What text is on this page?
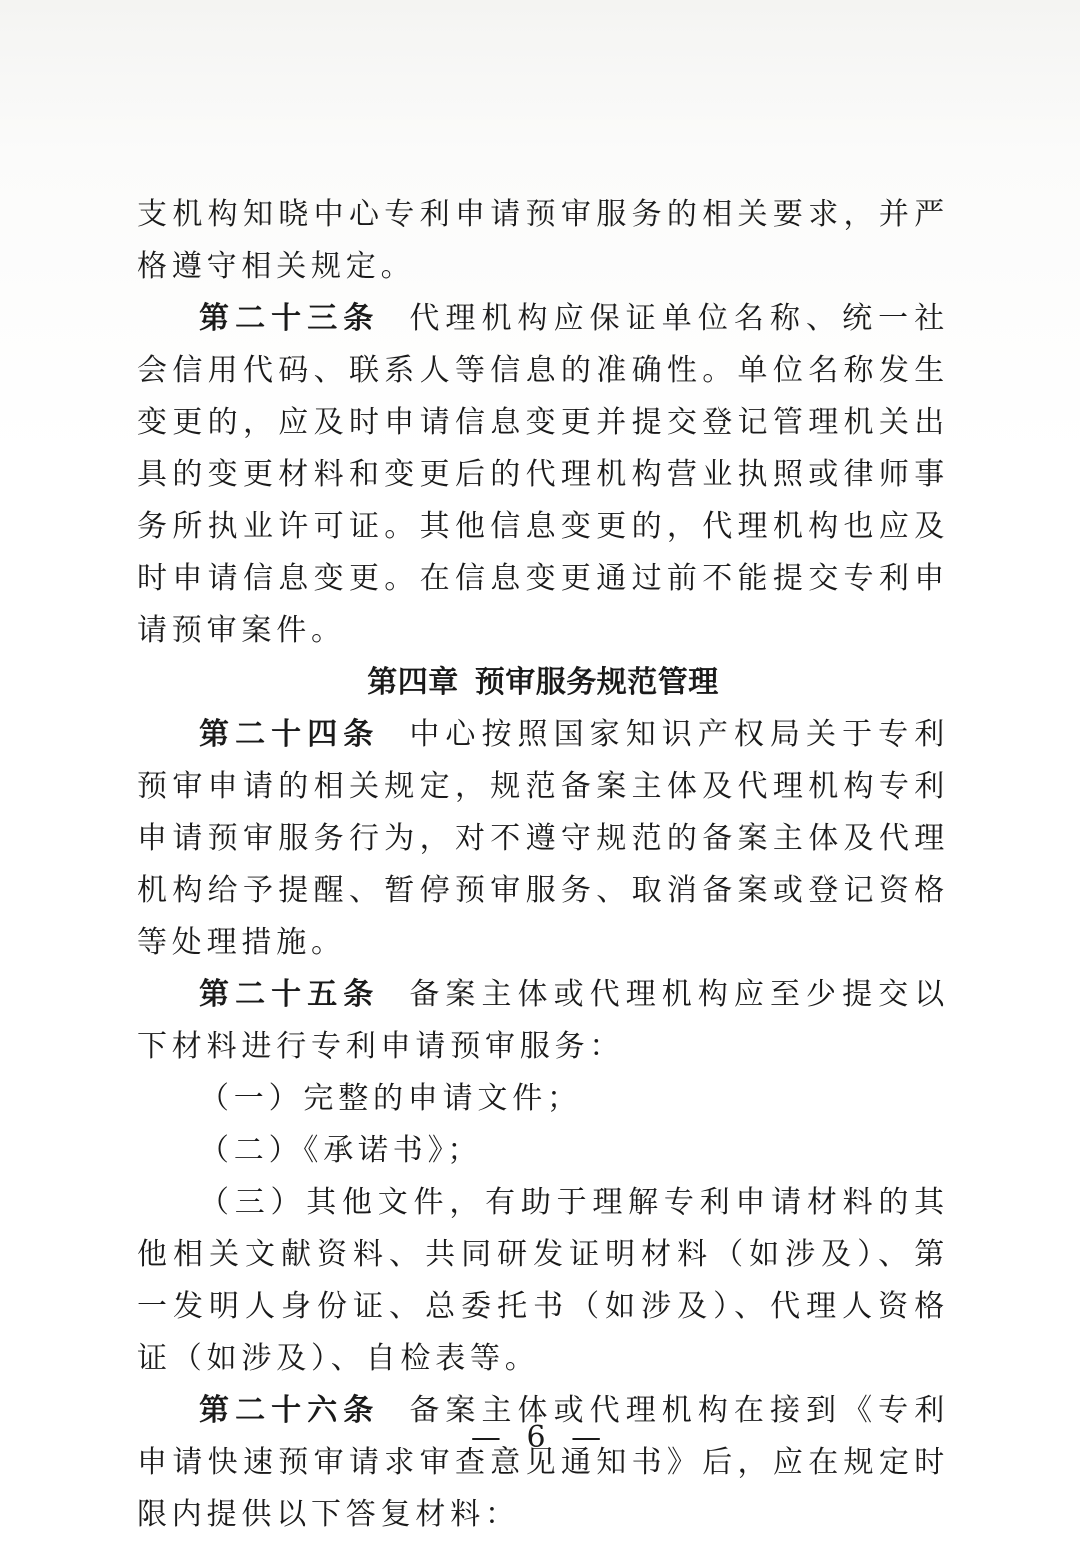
支机构知晓中心专利申请预审服务的相关要求，并严格遵守相关规定。

第二十三条 代理机构应保证单位名称、统一社会信用代码、联系人等信息的准确性。单位名称发生变更的，应及时申请信息变更并提交登记管理机关出具的变更材料和变更后的代理机构营业执照或律师事务所执业许可证。其他信息变更的，代理机构也应及时申请信息变更。在信息变更通过前不能提交专利申请预审案件。

第四章 预审服务规范管理

第二十四条 中心按照国家知识产权局关于专利预审申请的相关规定，规范备案主体及代理机构专利申请预审服务行为，对不遵守规范的备案主体及代理机构给予提醒、暂停预审服务、取消备案或登记资格等处理措施。

第二十五条 备案主体或代理机构应至少提交以下材料进行专利申请预审服务：

（一）完整的申请文件；

（二）《承诺书》；

（三）其他文件，有助于理解专利申请材料的其他相关文献资料、共同研发证明材料（如涉及）、第一发明人身份证、总委托书（如涉及）、代理人资格证（如涉及）、自检表等。

第二十六条 备案主体或代理机构在接到《专利申请快速预审请求审查意见通知书》后，应在规定时限内提供以下答复材料：

— 6 —
